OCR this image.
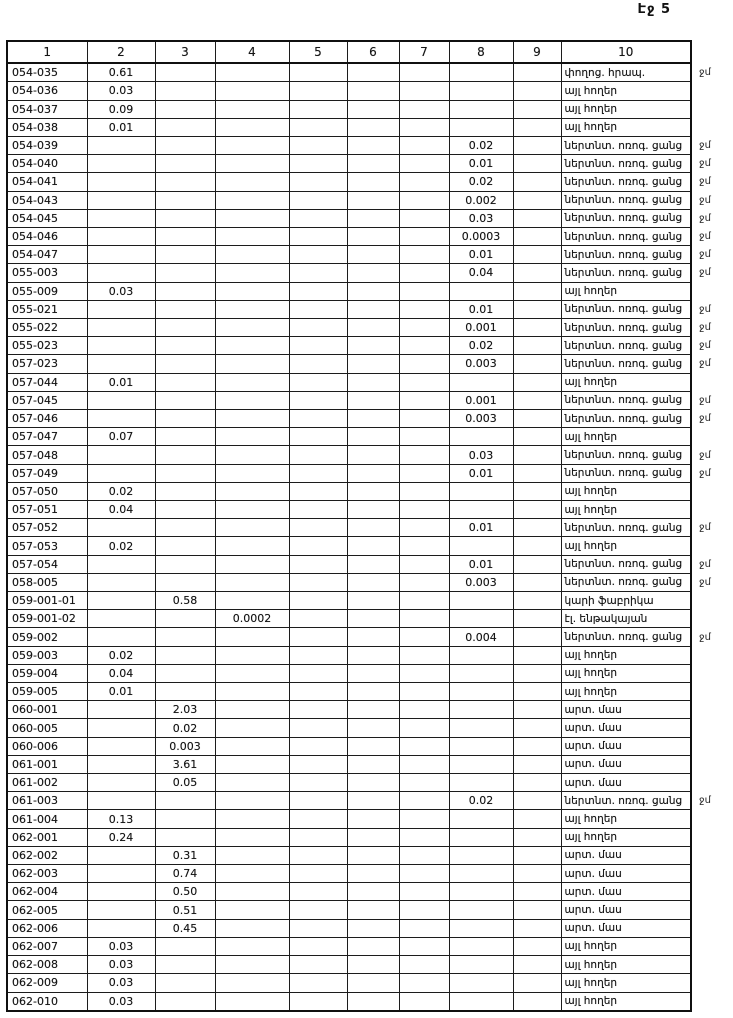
Էջ 5
1	2	3	4	5	6	7	8	9	10	
054-035	0.61								փողոց. հրապ.	ջմ
054-036	0.03								այլ հողեր	
054-037	0.09								այլ հողեր	
054-038	0.01								այլ հողեր	
054-039							0.02		ներտնտ. ոռոգ. ցանց	ջմ
054-040							0.01		ներտնտ. ոռոգ. ցանց	ջմ
054-041							0.02		ներտնտ. ոռոգ. ցանց	ջմ
054-043							0.002		ներտնտ. ոռոգ. ցանց	ջմ
054-045							0.03		ներտնտ. ոռոգ. ցանց	ջմ
054-046							0.0003		ներտնտ. ոռոգ. ցանց	ջմ
054-047							0.01		ներտնտ. ոռոգ. ցանց	ջմ
055-003							0.04		ներտնտ. ոռոգ. ցանց	ջմ
055-009	0.03								այլ հողեր	
055-021							0.01		ներտնտ. ոռոգ. ցանց	ջմ
055-022							0.001		ներտնտ. ոռոգ. ցանց	ջմ
055-023							0.02		ներտնտ. ոռոգ. ցանց	ջմ
057-023							0.003		ներտնտ. ոռոգ. ցանց	ջմ
057-044	0.01								այլ հողեր	
057-045							0.001		ներտնտ. ոռոգ. ցանց	ջմ
057-046							0.003		ներտնտ. ոռոգ. ցանց	ջմ
057-047	0.07								այլ հողեր	
057-048							0.03		ներտնտ. ոռոգ. ցանց	ջմ
057-049							0.01		ներտնտ. ոռոգ. ցանց	ջմ
057-050	0.02								այլ հողեր	
057-051	0.04								այլ հողեր	
057-052							0.01		ներտնտ. ոռոգ. ցանց	ջմ
057-053	0.02								այլ հողեր	
057-054							0.01		ներտնտ. ոռոգ. ցանց	ջմ
058-005							0.003		ներտնտ. ոռոգ. ցանց	ջմ
059-001-01		0.58							կարի ֆաբրիկա	
059-001-02			0.0002						էլ. ենթակայան	
059-002							0.004		ներտնտ. ոռոգ. ցանց	ջմ
059-003	0.02								այլ հողեր	
059-004	0.04								այլ հողեր	
059-005	0.01								այլ հողեր	
060-001		2.03							արտ. մաս	
060-005		0.02							արտ. մաս	
060-006		0.003							արտ. մաս	
061-001		3.61							արտ. մաս	
061-002		0.05							արտ. մաս	
061-003							0.02		ներտնտ. ոռոգ. ցանց	ջմ
061-004	0.13								այլ հողեր	
062-001	0.24								այլ հողեր	
062-002		0.31							արտ. մաս	
062-003		0.74							արտ. մաս	
062-004		0.50							արտ. մաս	
062-005		0.51							արտ. մաս	
062-006		0.45							արտ. մաս	
062-007	0.03								այլ հողեր	
062-008	0.03								այլ հողեր	
062-009	0.03								այլ հողեր	
062-010	0.03								այլ հողեր	
